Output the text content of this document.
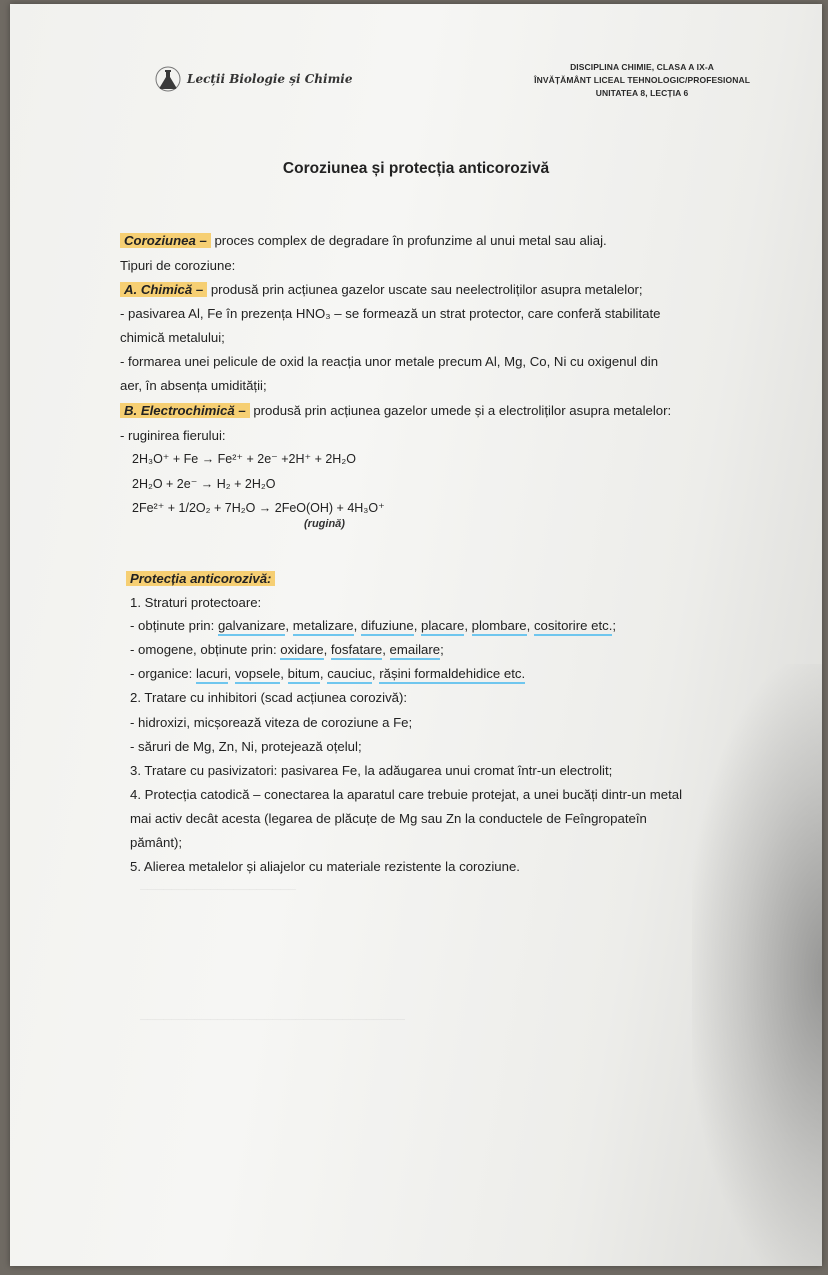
────────────────────
──────────────────────────────────
Lecții Biologie și Chimie
DISCIPLINA CHIMIE, CLASA A IX-A
ÎNVĂȚĂMÂNT LICEAL TEHNOLOGIC/PROFESIONAL
UNITATEA 8, LECȚIA 6
Coroziunea și protecția anticorozivă
Coroziunea – proces complex de degradare în profunzime al unui metal sau aliaj.
Tipuri de coroziune:
A. Chimică – produsă prin acțiunea gazelor uscate sau neelectroliților asupra metalelor;
- pasivarea Al, Fe în prezența HNO₃ – se formează un strat protector, care conferă stabilitate
chimică metalului;
- formarea unei pelicule de oxid la reacția unor metale precum Al, Mg, Co, Ni cu oxigenul din
aer, în absența umidității;
B. Electrochimică – produsă prin acțiunea gazelor umede și a electroliților asupra metalelor:
- ruginirea fierului:
2H₃O⁺ + Fe → Fe²⁺ + 2e⁻ +2H⁺ + 2H₂O
2H₂O + 2e⁻ → H₂ + 2H₂O
2Fe²⁺ + 1/2O₂ + 7H₂O → 2FeO(OH) + 4H₃O⁺
(rugină)
Protecția anticorozivă:
1. Straturi protectoare:
- obținute prin: galvanizare, metalizare, difuziune, placare, plombare, cositorire etc.;
- omogene, obținute prin: oxidare, fosfatare, emailare;
- organice: lacuri, vopsele, bitum, cauciuc, rășini formaldehidice etc.
2. Tratare cu inhibitori (scad acțiunea corozivă):
- hidroxizi, micșorează viteza de coroziune a Fe;
- săruri de Mg, Zn, Ni, protejează oțelul;
3. Tratare cu pasivizatori: pasivarea Fe, la adăugarea unui cromat într-un electrolit;
4. Protecția catodică – conectarea la aparatul care trebuie protejat, a unei bucăți dintr-un metal
mai activ decât acesta (legarea de plăcuțe de Mg sau Zn la conductele de Feîngropateîn
pământ);
5. Alierea metalelor și aliajelor cu materiale rezistente la coroziune.
